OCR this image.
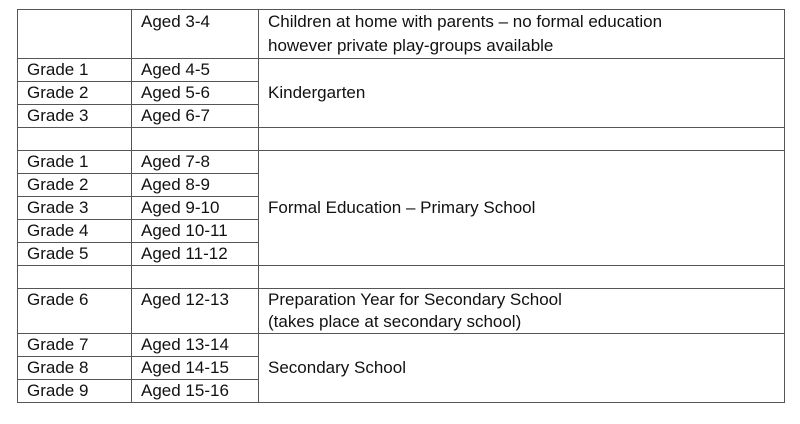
	Aged 3-4	Children at home with parents – no formal education
		however private play-groups available
Grade 1	Aged 4-5	Kindergarten
Grade 2	Aged 5-6	
Grade 3	Aged 6-7	

Grade 1	Aged 7-8	Formal Education – Primary School
Grade 2	Aged 8-9	
Grade 3	Aged 9-10	
Grade 4	Aged 10-11	
Grade 5	Aged 11-12	

Grade 6	Aged 12-13	Preparation Year for Secondary School
		(takes place at secondary school)
Grade 7	Aged 13-14	Secondary School
Grade 8	Aged 14-15	
Grade 9	Aged 15-16	
